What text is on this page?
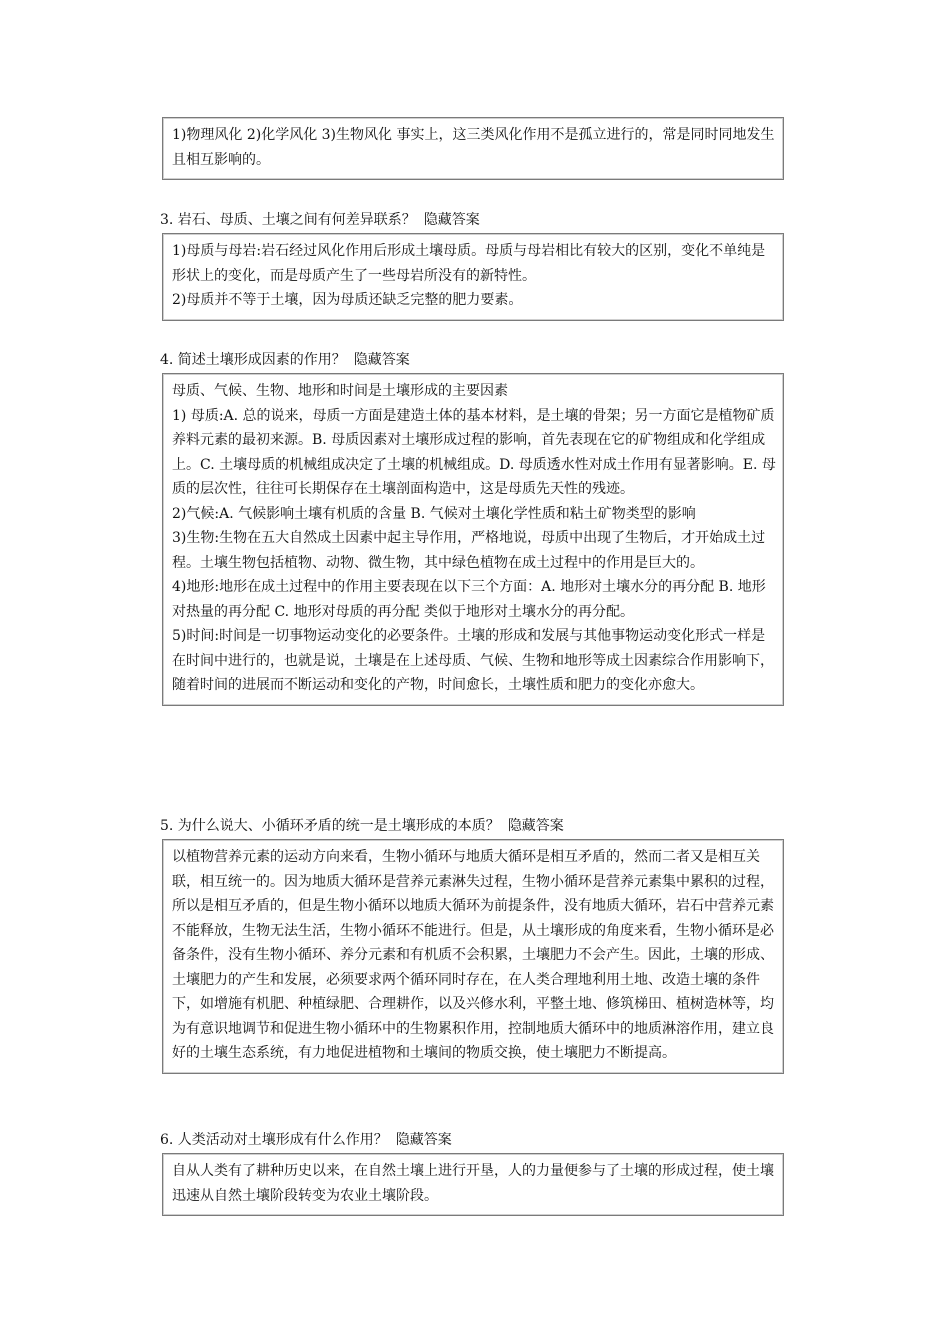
1)物理风化 2)化学风化 3)生物风化 事实上，这三类风化作用不是孤立进行的，常是同时同地发生且相互影响的。

3. 岩石、母质、土壤之间有何差异联系？ 隐藏答案

1)母质与母岩:岩石经过风化作用后形成土壤母质。母质与母岩相比有较大的区别，变化不单纯是形状上的变化，而是母质产生了一些母岩所没有的新特性。

2)母质并不等于土壤，因为母质还缺乏完整的肥力要素。

4. 简述土壤形成因素的作用？ 隐藏答案

母质、气候、生物、地形和时间是土壤形成的主要因素

1) 母质:A. 总的说来，母质一方面是建造土体的基本材料，是土壤的骨架；另一方面它是植物矿质养料元素的最初来源。B. 母质因素对土壤形成过程的影响，首先表现在它的矿物组成和化学组成上。C. 土壤母质的机械组成决定了土壤的机械组成。D. 母质透水性对成土作用有显著影响。E. 母质的层次性，往往可长期保存在土壤剖面构造中，这是母质先天性的残迹。

2)气候:A. 气候影响土壤有机质的含量 B. 气候对土壤化学性质和粘土矿物类型的影响

3)生物:生物在五大自然成土因素中起主导作用，严格地说，母质中出现了生物后，才开始成土过程。土壤生物包括植物、动物、微生物，其中绿色植物在成土过程中的作用是巨大的。

4)地形:地形在成土过程中的作用主要表现在以下三个方面：A. 地形对土壤水分的再分配 B. 地形对热量的再分配 C. 地形对母质的再分配 类似于地形对土壤水分的再分配。

5)时间:时间是一切事物运动变化的必要条件。土壤的形成和发展与其他事物运动变化形式一样是在时间中进行的，也就是说，土壤是在上述母质、气候、生物和地形等成土因素综合作用影响下，随着时间的进展而不断运动和变化的产物，时间愈长，土壤性质和肥力的变化亦愈大。

5. 为什么说大、小循环矛盾的统一是土壤形成的本质？ 隐藏答案

以植物营养元素的运动方向来看，生物小循环与地质大循环是相互矛盾的，然而二者又是相互关联，相互统一的。因为地质大循环是营养元素淋失过程，生物小循环是营养元素集中累积的过程，所以是相互矛盾的，但是生物小循环以地质大循环为前提条件，没有地质大循环，岩石中营养元素不能释放，生物无法生活，生物小循环不能进行。但是，从土壤形成的角度来看，生物小循环是必备条件，没有生物小循环、养分元素和有机质不会积累，土壤肥力不会产生。因此，土壤的形成、土壤肥力的产生和发展，必须要求两个循环同时存在，在人类合理地利用土地、改造土壤的条件下，如增施有机肥、种植绿肥、合理耕作，以及兴修水利，平整土地、修筑梯田、植树造林等，均为有意识地调节和促进生物小循环中的生物累积作用，控制地质大循环中的地质淋溶作用，建立良好的土壤生态系统，有力地促进植物和土壤间的物质交换，使土壤肥力不断提高。

6. 人类活动对土壤形成有什么作用？ 隐藏答案

自从人类有了耕种历史以来，在自然土壤上进行开垦，人的力量便参与了土壤的形成过程，使土壤迅速从自然土壤阶段转变为农业土壤阶段。
